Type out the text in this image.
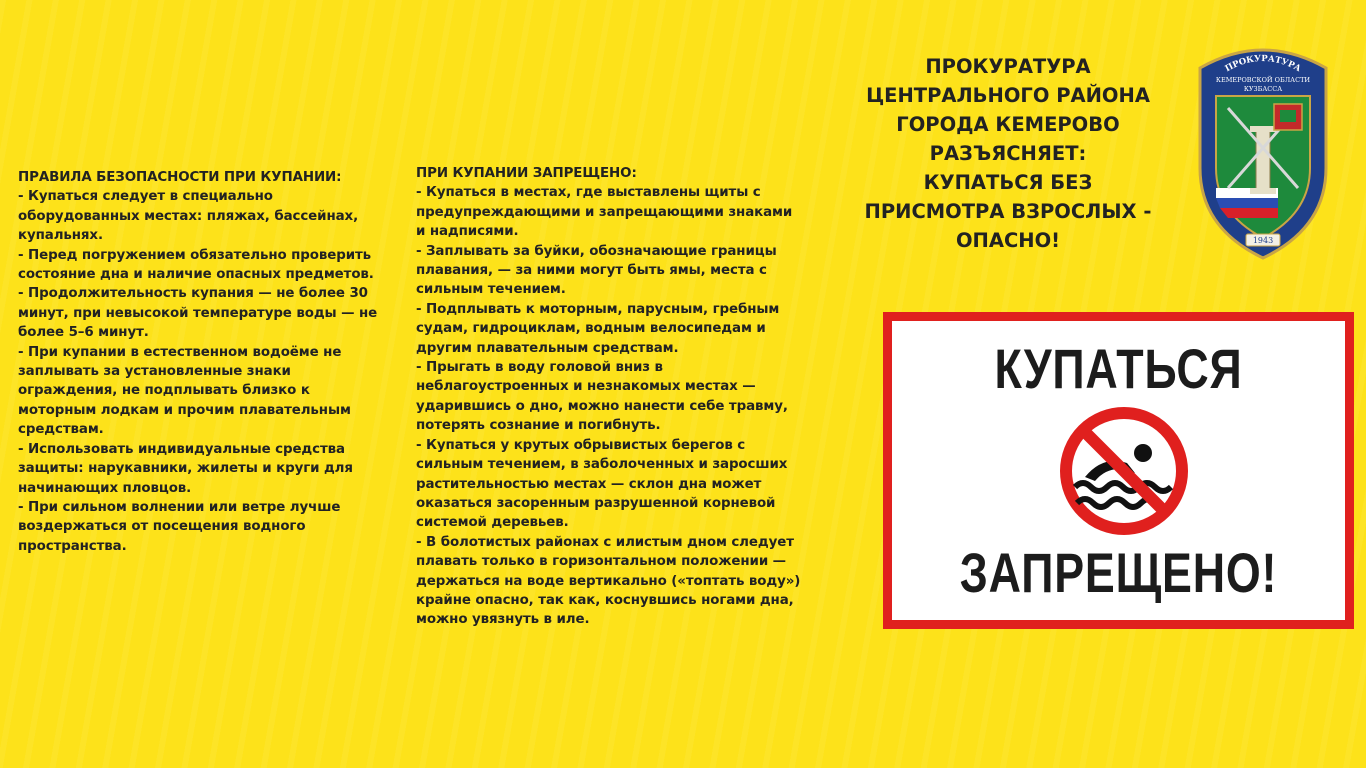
ПРАВИЛА БЕЗОПАСНОСТИ ПРИ КУПАНИИ:
- Купаться следует в специально
оборудованных местах: пляжах, бассейнах,
купальнях.
- Перед погружением обязательно проверить
состояние дна и наличие опасных предметов.
- Продолжительность купания — не более 30
минут, при невысокой температуре воды — не
более 5–6 минут.
- При купании в естественном водоёме не
заплывать за установленные знаки
ограждения, не подплывать близко к
моторным лодкам и прочим плавательным
средствам.
- Использовать индивидуальные средства
защиты: нарукавники, жилеты и круги для
начинающих пловцов.
- При сильном волнении или ветре лучше
воздержаться от посещения водного
пространства.
ПРИ КУПАНИИ ЗАПРЕЩЕНО:
- Купаться в местах, где выставлены щиты с
предупреждающими и запрещающими знаками
и надписями.
- Заплывать за буйки, обозначающие границы
плавания, — за ними могут быть ямы, места с
сильным течением.
- Подплывать к моторным, парусным, гребным
судам, гидроциклам, водным велосипедам и
другим плавательным средствам.
- Прыгать в воду головой вниз в
неблагоустроенных и незнакомых местах —
ударившись о дно, можно нанести себе травму,
потерять сознание и погибнуть.
- Купаться у крутых обрывистых берегов с
сильным течением, в заболоченных и заросших
растительностью местах — склон дна может
оказаться засоренным разрушенной корневой
системой деревьев.
- В болотистых районах с илистым дном следует
плавать только в горизонтальном положении —
держаться на воде вертикально («топтать воду»)
крайне опасно, так как, коснувшись ногами дна,
можно увязнуть в иле.
ПРОКУРАТУРА
ЦЕНТРАЛЬНОГО РАЙОНА
ГОРОДА КЕМЕРОВО
РАЗЪЯСНЯЕТ:
КУПАТЬСЯ БЕЗ
ПРИСМОТРА ВЗРОСЛЫХ -
ОПАСНО!
ПРОКУРАТУРА
КЕМЕРОВСКОЙ ОБЛАСТИ
КУЗБАССА
1943
КУПАТЬСЯ
ЗАПРЕЩЕНО!
